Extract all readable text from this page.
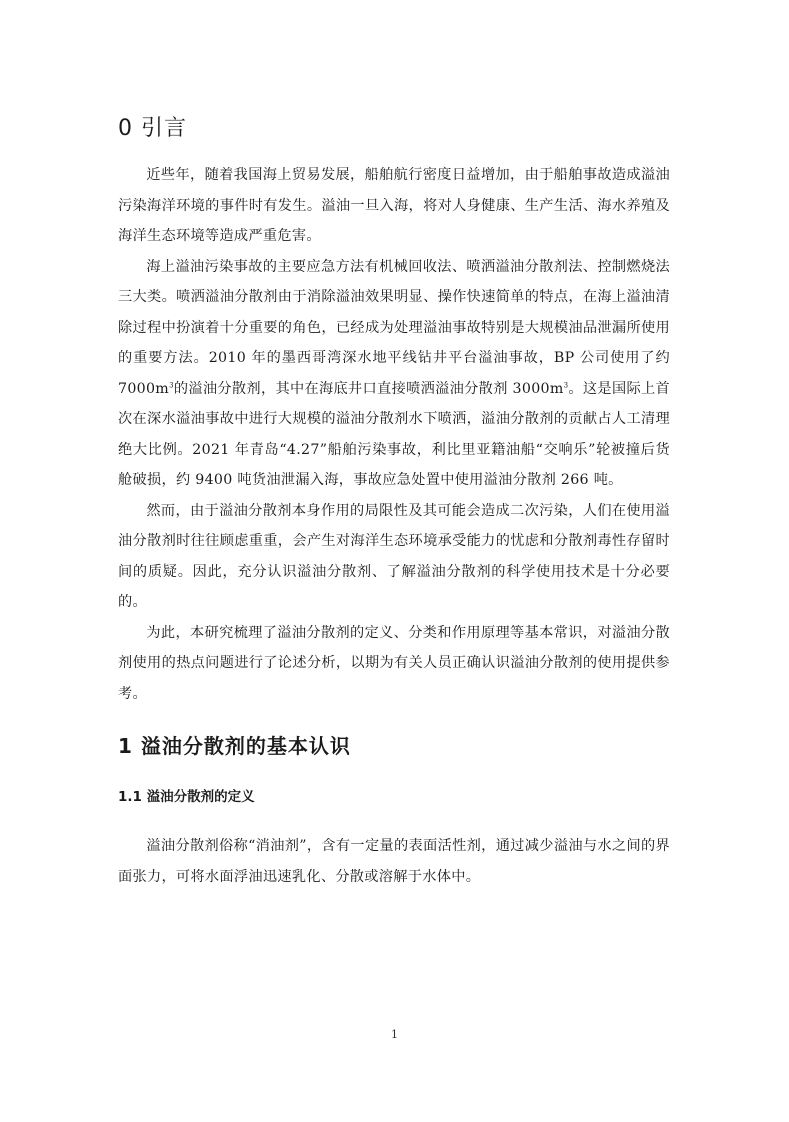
0 引言

近些年，随着我国海上贸易发展，船舶航行密度日益增加，由于船舶事故造成溢油污染海洋环境的事件时有发生。溢油一旦入海，将对人身健康、生产生活、海水养殖及海洋生态环境等造成严重危害。

海上溢油污染事故的主要应急方法有机械回收法、喷洒溢油分散剂法、控制燃烧法三大类。喷洒溢油分散剂由于消除溢油效果明显、操作快速简单的特点，在海上溢油清除过程中扮演着十分重要的角色，已经成为处理溢油事故特别是大规模油品泄漏所使用的重要方法。2010 年的墨西哥湾深水地平线钻井平台溢油事故，BP 公司使用了约 $7000m^3$的溢油分散剂，其中在海底井口直接喷洒溢油分散剂 $3000m^3$。这是国际上首次在深水溢油事故中进行大规模的溢油分散剂水下喷洒，溢油分散剂的贡献占人工清理绝大比例。2021 年青岛“4.27”船舶污染事故，利比里亚籍油船“交响乐”轮被撞后货舱破损，约 9400 吨货油泄漏入海，事故应急处置中使用溢油分散剂 266 吨。

然而，由于溢油分散剂本身作用的局限性及其可能会造成二次污染，人们在使用溢油分散剂时往往顾虑重重，会产生对海洋生态环境承受能力的忧虑和分散剂毒性存留时间的质疑。因此，充分认识溢油分散剂、了解溢油分散剂的科学使用技术是十分必要的。

为此，本研究梳理了溢油分散剂的定义、分类和作用原理等基本常识，对溢油分散剂使用的热点问题进行了论述分析，以期为有关人员正确认识溢油分散剂的使用提供参考。

1 溢油分散剂的基本认识
1.1 溢油分散剂的定义

溢油分散剂俗称“消油剂”，含有一定量的表面活性剂，通过减少溢油与水之间的界面张力，可将水面浮油迅速乳化、分散或溶解于水体中。

1
